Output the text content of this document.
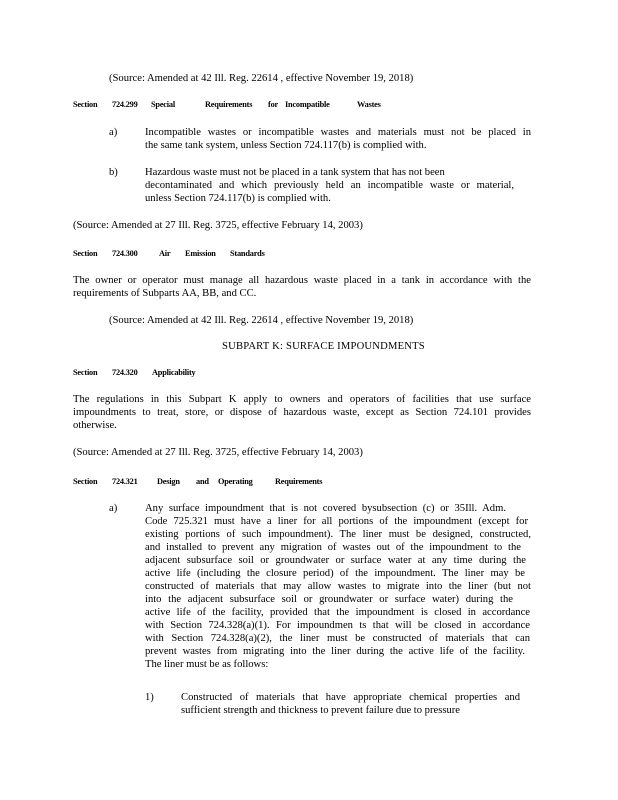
(Source: Amended at 42 Ill. Reg. 22614 , effective November 19, 2018)
Section 724.299 Special	Requirements for Incompatible	Wastes
a)	Incompatible wastes or incompatible wastes and materials must not be placed in
the same tank system, unless Section 724.117(b) is complied with.
b)	Hazardous waste must not be placed in a tank system that has not been
decontaminated and which previously held an incompatible waste or material,
unless Section 724.117(b) is complied with.
(Source: Amended at 27 Ill. Reg. 3725, effective February 14, 2003)
Section 724.300	Air Emission Standards
The owner or operator must manage all hazardous waste placed in a tank in accordance with the
requirements of Subparts AA, BB, and CC.
(Source: Amended at 42 Ill. Reg. 22614 , effective November 19, 2018)
SUBPART K: SURFACE IMPOUNDMENTS
Section 724.320 Applicability
The regulations in this Subpart K apply to owners and operators of facilities that use surface
impoundments to treat, store, or dispose of hazardous waste, except as Section 724.101 provides
otherwise.
(Source: Amended at 27 Ill. Reg. 3725, effective February 14, 2003)
Section 724.321 Design and Operating	Requirements
a)	Any surface impoundment that is not covered bysubsection (c) or 35Ill. Adm.
Code 725.321 must have a liner for all portions of the impoundment (except for
existing portions of such impoundment). The liner must be designed, constructed,
and installed to prevent any migration of wastes out of the impoundment to the
adjacent subsurface soil or groundwater or surface water at any time during the
active life (including the closure period) of the impoundment. The liner may be
constructed of materials that may allow wastes to migrate into the liner (but not
into the adjacent subsurface soil or groundwater or surface water) during the
active life of the facility, provided that the impoundment is closed in accordance
with Section 724.328(a)(1). For impoundmen ts that will be closed in accordance
with Section 724.328(a)(2), the liner must be constructed of materials that can
prevent wastes from migrating into the liner during the active life of the facility.
The liner must be as follows:
1)	Constructed of materials that have appropriate chemical properties and
sufficient strength and thickness to prevent failure due to pressure
